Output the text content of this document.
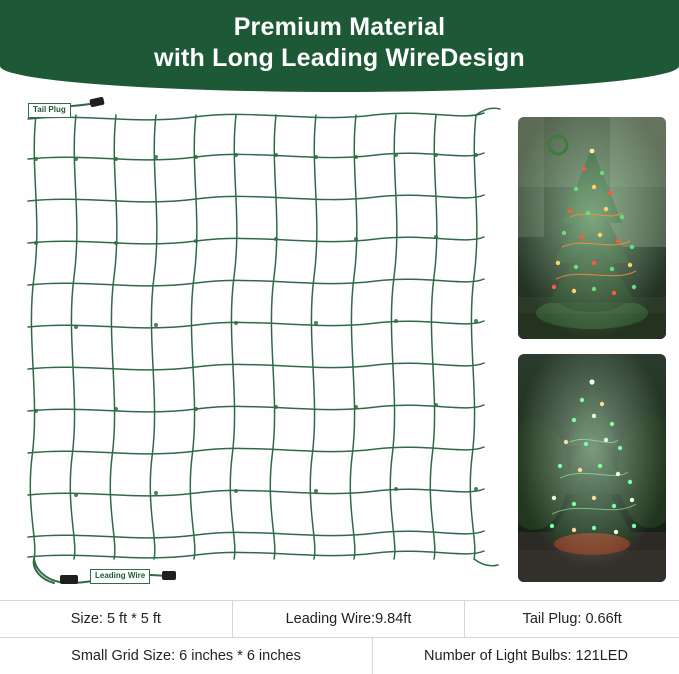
Premium Material
with Long Leading WireDesign
Tail Plug
Leading Wire
Size: 5 ft * 5 ft	Leading Wire:9.84ft	Tail Plug: 0.66ft
Small Grid Size: 6 inches * 6 inches	Number of Light Bulbs: 121LED
